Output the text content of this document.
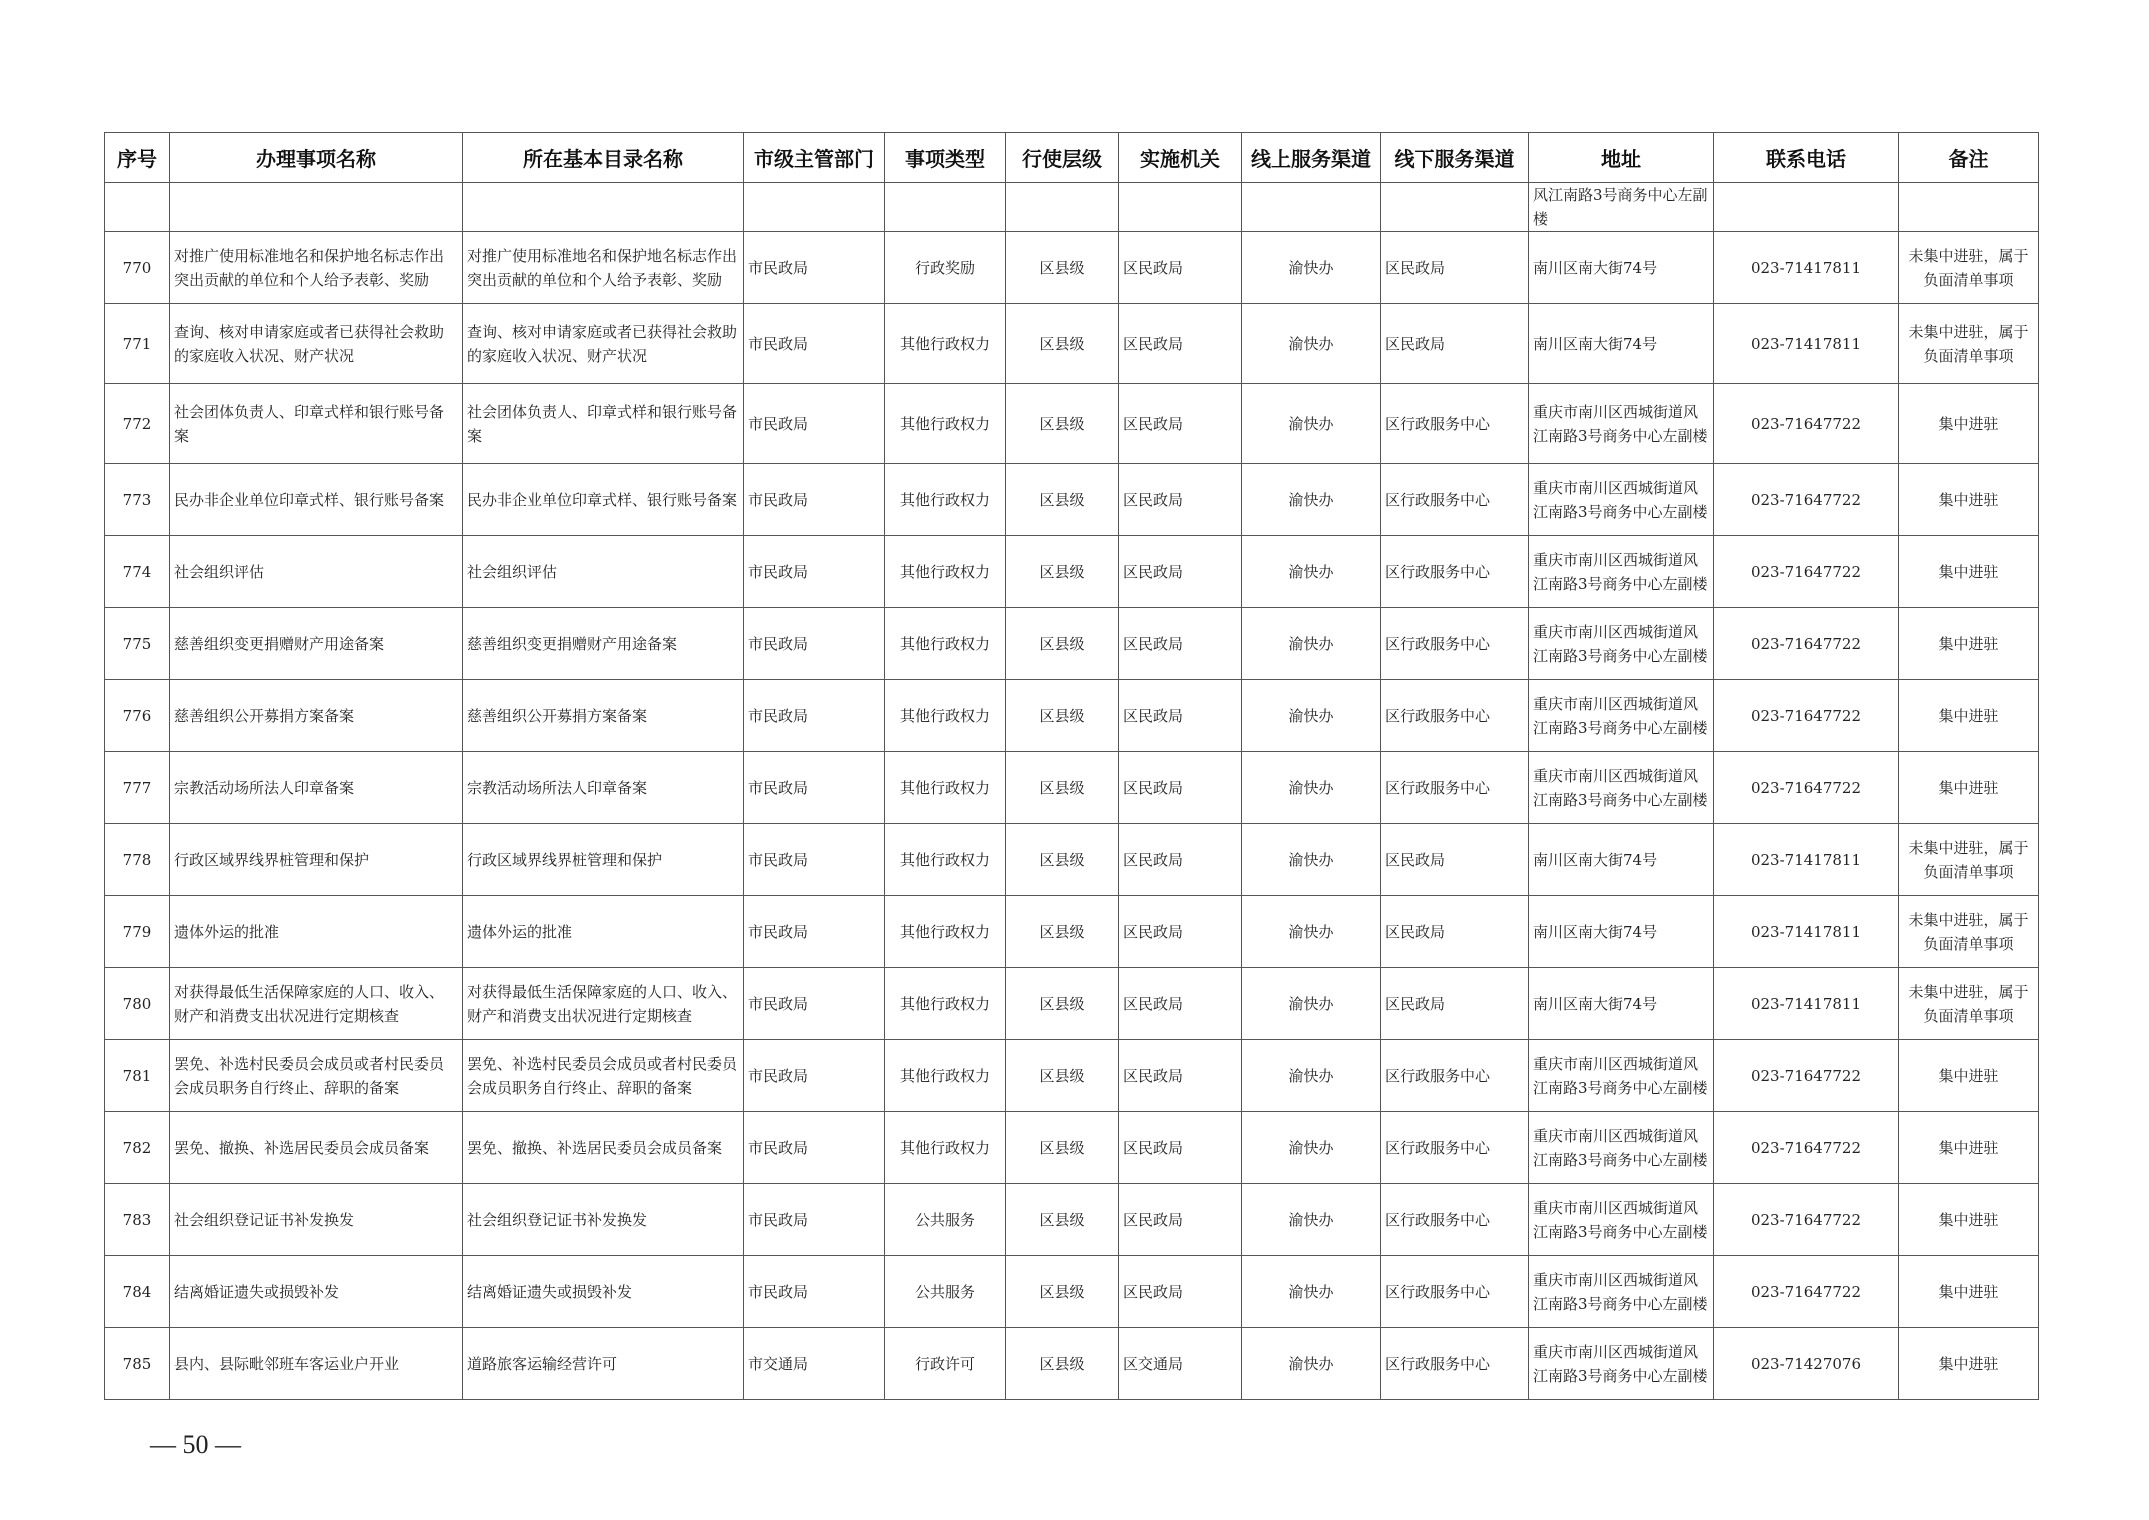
序号	办理事项名称	所在基本目录名称	市级主管部门	事项类型	行使层级	实施机关	线上服务渠道	线下服务渠道	地址	联系电话	备注
									风江南路3号商务中心左副楼		
770	对推广使用标准地名和保护地名标志作出突出贡献的单位和个人给予表彰、奖励	对推广使用标准地名和保护地名标志作出突出贡献的单位和个人给予表彰、奖励	市民政局	行政奖励	区县级	区民政局	渝快办	区民政局	南川区南大街74号	023-71417811	未集中进驻，属于负面清单事项
771	查询、核对申请家庭或者已获得社会救助的家庭收入状况、财产状况	查询、核对申请家庭或者已获得社会救助的家庭收入状况、财产状况	市民政局	其他行政权力	区县级	区民政局	渝快办	区民政局	南川区南大街74号	023-71417811	未集中进驻，属于负面清单事项
772	社会团体负责人、印章式样和银行账号备案	社会团体负责人、印章式样和银行账号备案	市民政局	其他行政权力	区县级	区民政局	渝快办	区行政服务中心	重庆市南川区西城街道风江南路3号商务中心左副楼	023-71647722	集中进驻
773	民办非企业单位印章式样、银行账号备案	民办非企业单位印章式样、银行账号备案	市民政局	其他行政权力	区县级	区民政局	渝快办	区行政服务中心	重庆市南川区西城街道风江南路3号商务中心左副楼	023-71647722	集中进驻
774	社会组织评估	社会组织评估	市民政局	其他行政权力	区县级	区民政局	渝快办	区行政服务中心	重庆市南川区西城街道风江南路3号商务中心左副楼	023-71647722	集中进驻
775	慈善组织变更捐赠财产用途备案	慈善组织变更捐赠财产用途备案	市民政局	其他行政权力	区县级	区民政局	渝快办	区行政服务中心	重庆市南川区西城街道风江南路3号商务中心左副楼	023-71647722	集中进驻
776	慈善组织公开募捐方案备案	慈善组织公开募捐方案备案	市民政局	其他行政权力	区县级	区民政局	渝快办	区行政服务中心	重庆市南川区西城街道风江南路3号商务中心左副楼	023-71647722	集中进驻
777	宗教活动场所法人印章备案	宗教活动场所法人印章备案	市民政局	其他行政权力	区县级	区民政局	渝快办	区行政服务中心	重庆市南川区西城街道风江南路3号商务中心左副楼	023-71647722	集中进驻
778	行政区域界线界桩管理和保护	行政区域界线界桩管理和保护	市民政局	其他行政权力	区县级	区民政局	渝快办	区民政局	南川区南大街74号	023-71417811	未集中进驻，属于负面清单事项
779	遗体外运的批准	遗体外运的批准	市民政局	其他行政权力	区县级	区民政局	渝快办	区民政局	南川区南大街74号	023-71417811	未集中进驻，属于负面清单事项
780	对获得最低生活保障家庭的人口、收入、财产和消费支出状况进行定期核查	对获得最低生活保障家庭的人口、收入、财产和消费支出状况进行定期核查	市民政局	其他行政权力	区县级	区民政局	渝快办	区民政局	南川区南大街74号	023-71417811	未集中进驻，属于负面清单事项
781	罢免、补选村民委员会成员或者村民委员会成员职务自行终止、辞职的备案	罢免、补选村民委员会成员或者村民委员会成员职务自行终止、辞职的备案	市民政局	其他行政权力	区县级	区民政局	渝快办	区行政服务中心	重庆市南川区西城街道风江南路3号商务中心左副楼	023-71647722	集中进驻
782	罢免、撤换、补选居民委员会成员备案	罢免、撤换、补选居民委员会成员备案	市民政局	其他行政权力	区县级	区民政局	渝快办	区行政服务中心	重庆市南川区西城街道风江南路3号商务中心左副楼	023-71647722	集中进驻
783	社会组织登记证书补发换发	社会组织登记证书补发换发	市民政局	公共服务	区县级	区民政局	渝快办	区行政服务中心	重庆市南川区西城街道风江南路3号商务中心左副楼	023-71647722	集中进驻
784	结离婚证遗失或损毁补发	结离婚证遗失或损毁补发	市民政局	公共服务	区县级	区民政局	渝快办	区行政服务中心	重庆市南川区西城街道风江南路3号商务中心左副楼	023-71647722	集中进驻
785	县内、县际毗邻班车客运业户开业	道路旅客运输经营许可	市交通局	行政许可	区县级	区交通局	渝快办	区行政服务中心	重庆市南川区西城街道风江南路3号商务中心左副楼	023-71427076	集中进驻
— 50 —
